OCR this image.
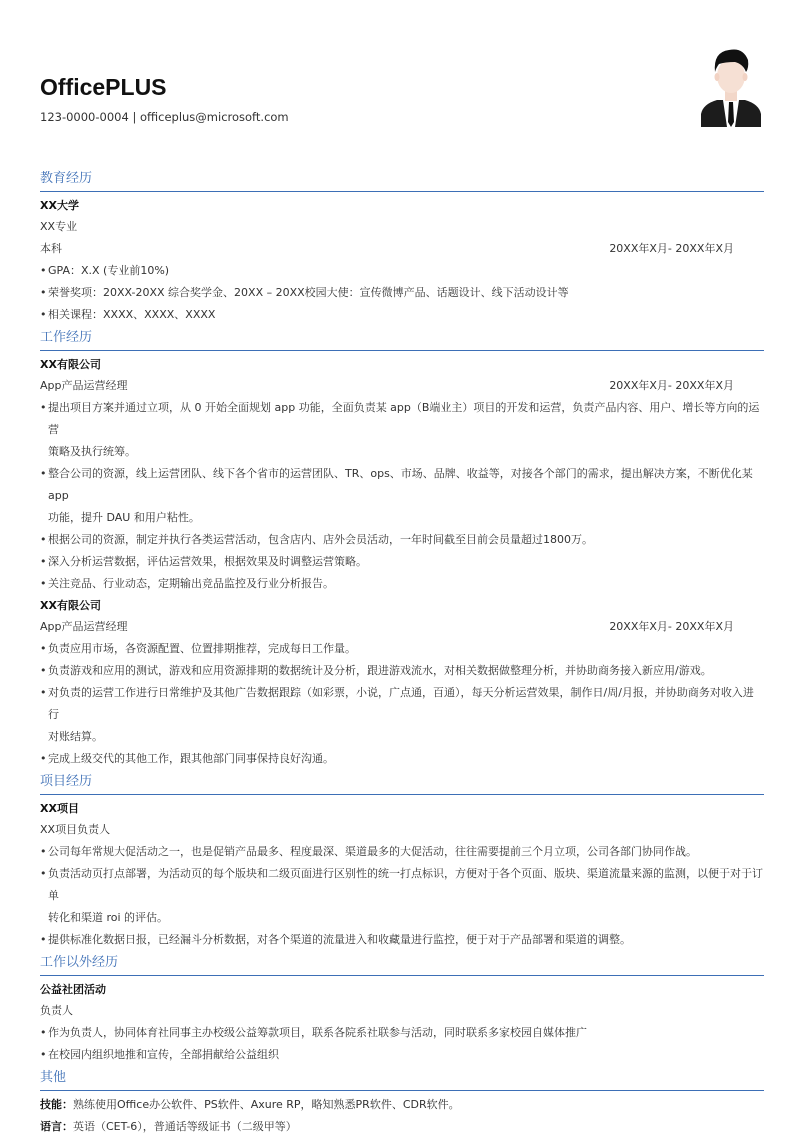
OfficePLUS
123-0000-0004 | officeplus@microsoft.com
教育经历
XX大学
XX专业
本科	20XX年X月- 20XX年X月
• GPA：X.X (专业前10%)
• 荣誉奖项：20XX-20XX 综合奖学金、20XX – 20XX校园大使：宣传微博产品、话题设计、线下活动设计等
• 相关课程：XXXX、XXXX、XXXX
工作经历
XX有限公司
App产品运营经理	20XX年X月- 20XX年X月
• 提出项目方案并通过立项，从 0 开始全面规划 app 功能，全面负责某 app（B端业主）项目的开发和运营，负责产品内容、用户、增长等方向的运营
策略及执行统筹。
• 整合公司的资源，线上运营团队、线下各个省市的运营团队、TR、ops、市场、品牌、收益等，对接各个部门的需求，提出解决方案，不断优化某 app
功能，提升 DAU 和用户粘性。
• 根据公司的资源，制定并执行各类运营活动，包含店内、店外会员活动，一年时间截至目前会员量超过1800万。
• 深入分析运营数据，评估运营效果，根据效果及时调整运营策略。
• 关注竞品、行业动态，定期输出竞品监控及行业分析报告。
XX有限公司
App产品运营经理	20XX年X月- 20XX年X月
• 负责应用市场，各资源配置、位置排期推荐，完成每日工作量。
• 负责游戏和应用的测试，游戏和应用资源排期的数据统计及分析，跟进游戏流水，对相关数据做整理分析，并协助商务接入新应用/游戏。
• 对负责的运营工作进行日常维护及其他广告数据跟踪（如彩票，小说，广点通，百通），每天分析运营效果，制作日/周/月报，并协助商务对收入进行
对账结算。
• 完成上级交代的其他工作，跟其他部门同事保持良好沟通。
项目经历
XX项目
XX项目负责人
• 公司每年常规大促活动之一，也是促销产品最多、程度最深、渠道最多的大促活动，往往需要提前三个月立项，公司各部门协同作战。
• 负责活动页打点部署，为活动页的每个版块和二级页面进行区别性的统一打点标识，方便对于各个页面、版块、渠道流量来源的监测，以便于对于订单
转化和渠道 roi 的评估。
• 提供标准化数据日报，已经漏斗分析数据，对各个渠道的流量进入和收藏量进行监控，便于对于产品部署和渠道的调整。
工作以外经历
公益社团活动
负责人
• 作为负责人，协同体育社同事主办校级公益筹款项目，联系各院系社联参与活动，同时联系多家校园自媒体推广
• 在校园内组织地推和宣传，全部捐献给公益组织
其他
技能：熟练使用Office办公软件、PS软件、Axure RP，略知熟悉PR软件、CDR软件。
语言：英语（CET-6），普通话等级证书（二级甲等）
